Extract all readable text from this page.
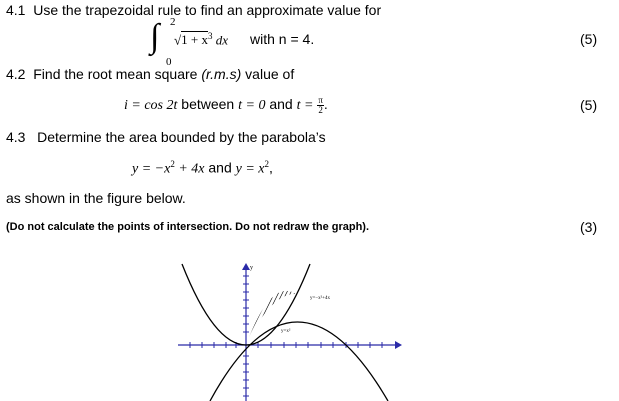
4.1 Use the trapezoidal rule to find an approximate value for
∫ 2
0
$√1 + x^3$ dx with n = 4.	(5)
4.2 Find the root mean square (r.m.s) value of
i = cos 2t between t = 0 and $t = \frac{\pi}{2}$ .	(5)
4.3 Determine the area bounded by the parabola’s
$y = -x^2 + 4x$ and $y = x^2$,
as shown in the figure below.
(Do not calculate the points of intersection. Do not redraw the graph).	(3)
y
y=−x²+4x
y=x²
